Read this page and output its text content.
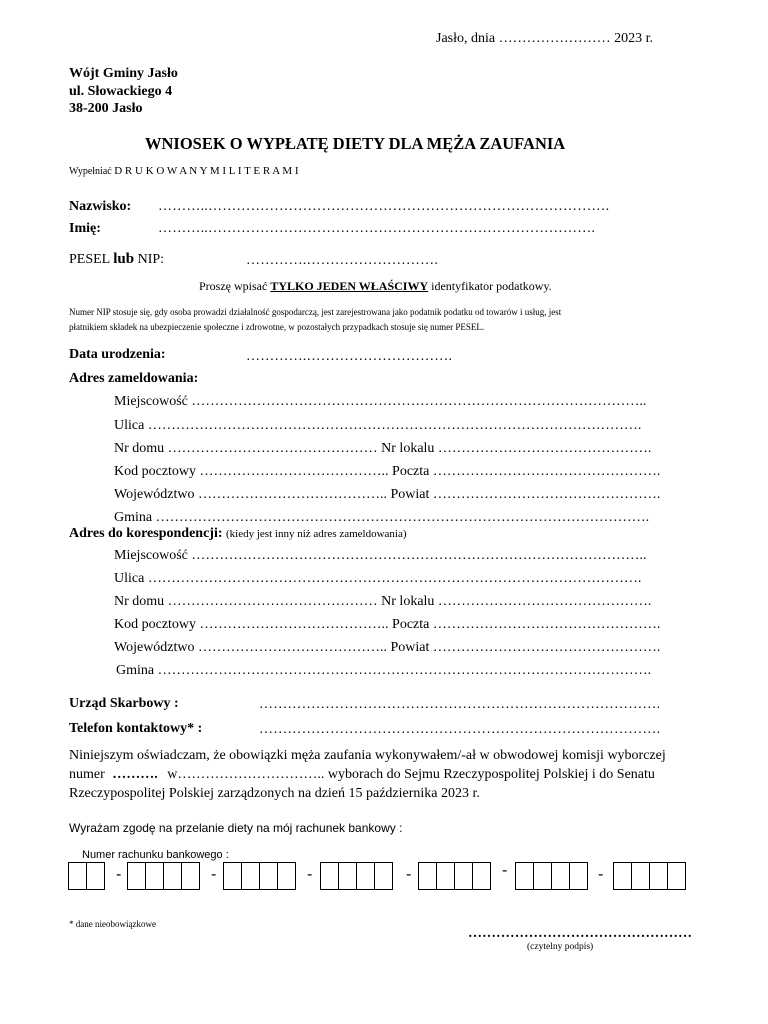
Jasło, dnia …………………… 2023 r.
Wójt Gminy Jasło
ul. Słowackiego 4
38-200 Jasło
WNIOSEK O WYPŁATĘ DIETY DLA MĘŻA ZAUFANIA
Wypełniać D R U K O W A N Y M I L I T E R A M I
Nazwisko: ………..………………………………………………………………………….
Imię:	………..……………………………………………………………………….
PESEL lub NIP:	………….……………………….
Proszę wpisać TYLKO JEDEN WŁAŚCIWY identyfikator podatkowy.
Numer NIP stosuje się, gdy osoba prowadzi działalność gospodarczą, jest zarejestrowana jako podatnik podatku od towarów i usług, jest
płatnikiem składek na ubezpieczenie społeczne i zdrowotne, w pozostałych przypadkach stosuje się numer PESEL.
Data urodzenia:	………….………………………….
Adres zameldowania:
Miejscowość ……………………………………………………………………………………..
Ulica …………………………………………………………………………………………….
Nr domu ……………………………………… Nr lokalu ……………………………………….
Kod pocztowy ………………………………….. Poczta ………………………………………….
Województwo ………………………………….. Powiat ………………………………………….
Gmina …………………………………………………………………………………………….
Adres do korespondencji: (kiedy jest inny niż adres zameldowania)
Miejscowość ……………………………………………………………………………………..
Ulica …………………………………………………………………………………………….
Nr domu ……………………………………… Nr lokalu ……………………………………….
Kod pocztowy ………………………………….. Poczta ………………………………………….
Województwo ………………………………….. Powiat ………………………………………….
Gmina …………………………………………………………………………………………….
Urząd Skarbowy :	………………………………………………………………………….
Telefon kontaktowy* :	………………………………………………………………………….
Niniejszym oświadczam, że obowiązki męża zaufania wykonywałem/-ał w obwodowej komisji wyborczej
numer ………. w………………………….. wyborach do Sejmu Rzeczypospolitej Polskiej i do Senatu
Rzeczypospolitej Polskiej zarządzonych na dzień 15 października 2023 r.
Wyrażam zgodę na przelanie diety na mój rachunek bankowy :
Numer rachunku bankowego :
-	-	-	-	-	-
* dane nieobowiązkowe
…………………………………………
(czytelny podpis)
